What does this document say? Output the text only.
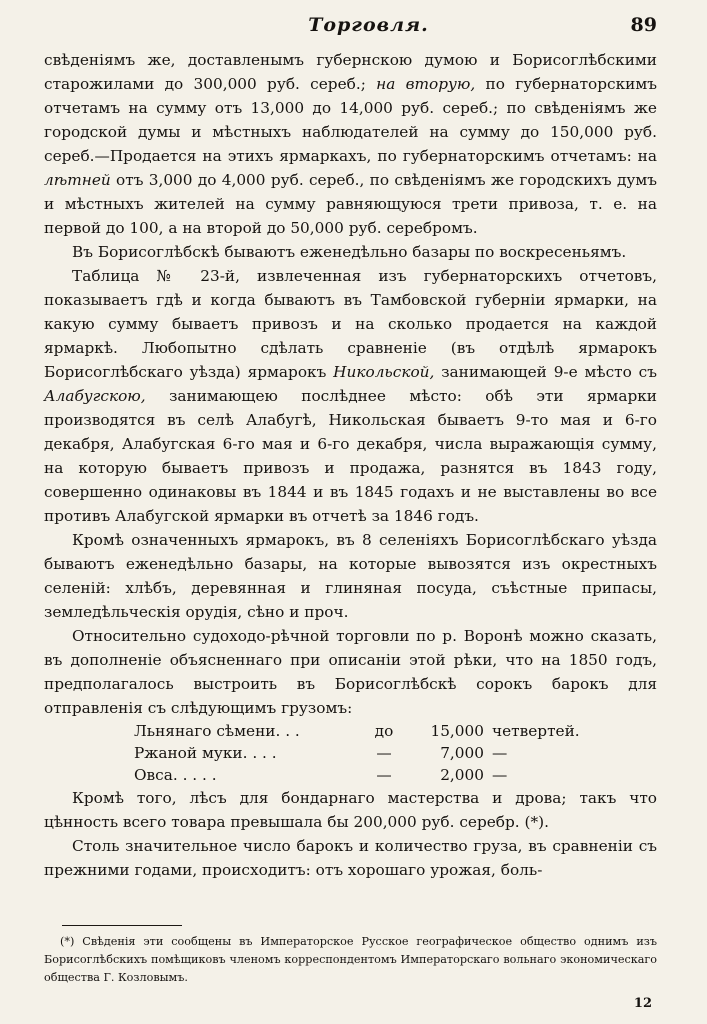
Торговля.	89

свѣденіямъ же, доставленымъ губернскою думою и Борисоглѣбскими старожилами до 300,000 руб. сереб.; на вторую, по губернаторскимъ отчетамъ на сумму отъ 13,000 до 14,000 руб. сереб.; по свѣденіямъ же городской думы и мѣстныхъ наблюдателей на сумму до 150,000 руб. сереб.—Продается на этихъ ярмаркахъ, по губернаторскимъ отчетамъ: на лѣтней отъ 3,000 до 4,000 руб. сереб., по свѣденіямъ же городскихъ думъ и мѣстныхъ жителей на сумму равняющуюся трети привоза, т. е. на первой до 100, а на второй до 50,000 руб. серебромъ.

Въ Борисоглѣбскѣ бываютъ еженедѣльно базары по воскресеньямъ.

Таблица № 23-й, извлеченная изъ губернаторскихъ отчетовъ, показываетъ гдѣ и когда бываютъ въ Тамбовской губерніи ярмарки, на какую сумму бываетъ привозъ и на сколько продается на каждой ярмаркѣ. Любопытно сдѣлать сравненіе (въ отдѣлѣ ярмарокъ Борисоглѣбскаго уѣзда) ярмарокъ Никольской, занимающей 9-е мѣсто съ Алабугскою, занимающею послѣднее мѣсто: обѣ эти ярмарки производятся въ селѣ Алабугѣ, Никольская бываетъ 9-то мая и 6-го декабря, Алабугская 6-го мая и 6-го декабря, числа выражающія сумму, на которую бываетъ привозъ и продажа, разнятся въ 1843 году, совершенно одинаковы въ 1844 и въ 1845 годахъ и не выставлены во все противъ Алабугской ярмарки въ отчетѣ за 1846 годъ.

Кромѣ означенныхъ ярмарокъ, въ 8 селеніяхъ Борисоглѣбскаго уѣзда бываютъ еженедѣльно базары, на которые вывозятся изъ окрестныхъ селеній: хлѣбъ, деревянная и глиняная посуда, съѣстные припасы, земледѣльческія орудія, сѣно и проч.

Относительно судоходо-рѣчной торговли по р. Воронѣ можно сказать, въ дополненіе объясненнаго при описаніи этой рѣки, что на 1850 годъ, предполагалось выстроить въ Борисоглѣбскѣ сорокъ барокъ для отправленія съ слѣдующимъ грузомъ:

Льнянаго сѣмени. . .	до	15,000	четвертей.
Ржаной муки. . . .	—	7,000	—
Овса. . . . .	—	2,000	—

Кромѣ того, лѣсъ для бондарнаго мастерства и дрова; такъ что цѣнность всего товара превышала бы 200,000 руб. серебр. (*).

Столь значительное число барокъ и количество груза, въ сравненіи съ прежними годами, происходитъ: отъ хорошаго урожая, боль-

(*) Свѣденія эти сообщены въ Императорское Русское географическое общество однимъ изъ Борисоглѣбскихъ помѣщиковъ членомъ корреспондентомъ Императорскаго вольнаго экономическаго общества Г. Козловымъ.

12
